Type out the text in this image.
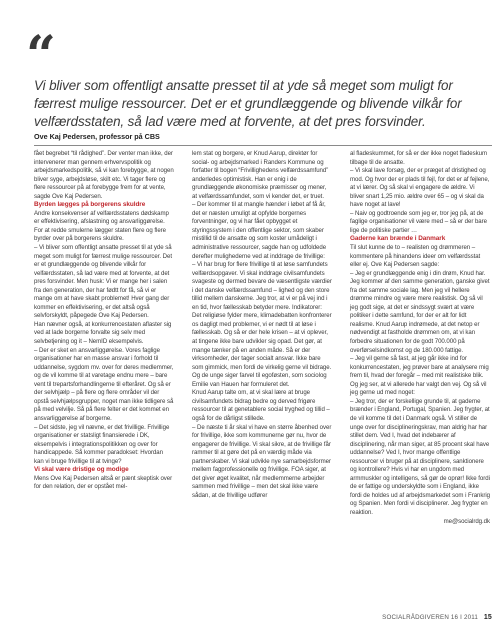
“

Vi bliver som offentligt ansatte presset til at yde så meget som muligt for færrest mulige ressourcer. Det er et grundlæggende og blivende vilkår for velfærdsstaten, så lad være med at forvente, at det pres forsvinder.

Ove Kaj Pedersen, professor på CBS

fået begrebet “til rådighed”. Der venter man ikke, der intervenerer man gennem erhvervspolitik og arbejdsmarkedspolitik, så vi kan forebygge, at nogen bliver syge, arbejdsløse, skilt etc. Vi tager flere og flere ressourcer på at forebygge frem for at vente, sagde Ove Kaj Pedersen.

Byrden lægges på borgerens skuldre

Andre konsekvenser af velfærdsstatens dødskamp er effektivisering, afslastning og ansvarliggørelse. For at redde smulerne lægger staten flere og flere byrder over på borgerens skuldre.

– Vi bliver som offentligt ansatte presset til at yde så meget som muligt for færrest mulige ressourcer. Det er et grundlæggende og blivende vilkår for velfærdsstaten, så lad være med at forvente, at det pres forsvinder. Men husk: Vi er mange her i salen fra den generation, der har fødtt for få, så vi er mange om at have skabt problemet! Hver gang der kommer en effektivisering, er det altså også selvforskyldt, påpegede Ove Kaj Pedersen.

Han nævner også, at konkurrencestaten aflaster sig ved at lade borgerne forvalte sig selv med selvbetjening og it – NemID eksempelvis.

– Der er sket en ansvarliggørelse. Vores faglige organisationer har en masse ansvar i forhold til uddannelse, sygdom mv. over for deres medlemmer, og de vil komme til at varetage endnu mere – bare vent til trepartsforhandlingerne til efteråret. Og så er der selvhjælp – på flere og flere områder vil der opstå selvhjælpsgrupper, noget man ikke tidligere så på med velvilje. Så på flere felter er det kommet en ansvarliggørelse af borgerne.

– Det sidste, jeg vil nævne, er det frivillige. Frivillige organisationer er statsligt finansierede i DK, eksempelvis i integrationspolitikken og over for handicappede. Så kommer paradokset: Hvordan kan vi bruge frivillige til at tvinge?

Vi skal være dristige og modige

Mens Ove Kaj Pedersen altså er pænt skeptisk over for den relation, der er opstået mel-

lem stat og borgere, er Knud Aarup, direktør for social- og arbejdsmarked i Randers Kommune og forfatter til bogen “Frivillighedens velfærdssamfund” anderledes optimistisk. Han er enig i de grundlæggende økonomiske præmisser og mener, at velfærdssamfundet, som vi kender det, er truet.

– Der kommer til at mangle hænder i løbet af få år, det er næsten umuligt at opfylde borgernes forventninger, og vi har fået opbygget et styringssystem i den offentlige sektor, som skaber mistillid til de ansatte og som koster umådeligt i administrative ressourcer, sagde han og udfoldede derefter mulighederne ved at inddrage de frivillige:

– Vi har brug for flere frivillige til at løse samfundets velfærdsopgaver. Vi skal inddrage civilsamfundets svageste og dermed bevare de væsentligste værdier i det danske velfærdssamfund – lighed og den store tillid mellem danskerne. Jeg tror, at vi er på vej ind i en tid, hvor fællesskab betyder mere. Indikatorer: Det religiøse fylder mere, klimadebatten konfronterer os dagligt med problemer, vi er nødt til at løse i fællesskab. Og så er der hele krisen – at vi oplever, at tingene ikke bare udvikler sig opad. Det gør, at mange tænker på en anden måde. Så er der virksomheder, der tager socialt ansvar. Ikke bare som gimmick, men fordi de virkelig gerne vil bidrage. Og de unge siger farvel til egoføsten, som sociolog Emilie van Hauen har formuleret det.

Knud Aarup talte om, at vi skal lære at bruge civilsamfundets bidrag bedre og derved frigøre ressourcer til at genetablere social tryghed og tillid – også for de dårligst stillede.

– De næste ti år skal vi have en større åbenhed over for frivillige, ikke som kommunerne gør nu, hvor de engagerer de frivillige. Vi skal sikre, at de frivillige får rammer til at gøre det på en værdig måde via partnerskaber. Vi skal udvikle nye samarbejdsformer mellem fagprofessionelle og frivillige. FOA siger, at det giver øget kvalitet, når medlemmerne arbejder sammen med frivillige – men det skal ikke være sådan, at de frivillige udfører

al fladeskummet, for så er der ikke noget fladeskum tilbage til de ansatte.

– Vi skal lave forsøg, der er præget af dristighed og mod. Og hvor der er plads til fejl, for det er af fejlene, at vi lærer. Og så skal vi engagere de ældre. Vi bliver snart 1,25 mio. ældre over 65 – og vi skal da have noget at lave!

– Naiv og godtroende som jeg er, tror jeg på, at de faglige organisationer vil være med – så er der bare lige de politiske partier …

Gaderne kan brænde i Danmark

Til slut kunne de to – realisten og drømmeren – kommentere på hinandens ideer om velfærdsstat eller ej. Ove Kaj Pedersen sagde:

– Jeg er grundlæggende enig i din drøm, Knud har. Jeg kommer af den samme generation, ganske givet fra det samme sociale lag. Men jeg vil hellere drømme mindre og være mere realistisk. Og så vil jeg godt sige, at det er sindssygt svært at være politiker i dette samfund, for der er alt for lidt realisme. Knud Aarup indrømede, at det netop er nødvendigt at fastholde drømmen om, at vi kan forbedre situationen for de godt 700.000 på overførselsindkomst og de 180.000 fattige.

– Jeg vil gerne så fast, at jeg går ikke ind for konkurrencestaten, jeg prøver bare at analysere mig frem til, hvad der foregår – med mit realistiske blik. Og jeg ser, at vi allerede har valgt den vej. Og så vil jeg gerne ud med noget:

– Jeg tror, der er forskellige grunde til, at gaderne brænder i England, Portugal, Spanien. Jeg frygter, at de vil komme til det i Danmark også. Vi stiller de unge over for disciplineringskrav, man aldrig har har stillet dem. Ved I, hvad det indebærer af disciplinering, når man siger, at 85 procent skal have uddannelse? Ved I, hvor mange offentlige ressourcer vi bruger på at disciplinere, sanktionere og kontrollere? Hvis vi har en ungdom med armmuskler og intelligens, så gør de oprør! Ikke fordi de er fattige og underskyldte som i England, ikke fordi de holdes ud af arbejdsmarkedet som i Frankrig og Spanien. Men fordi vi disciplinerer. Jeg frygter en reaktion.

me@socialrdg.dk

SOCIALRÅDGIVEREN 16 I 2011 15
